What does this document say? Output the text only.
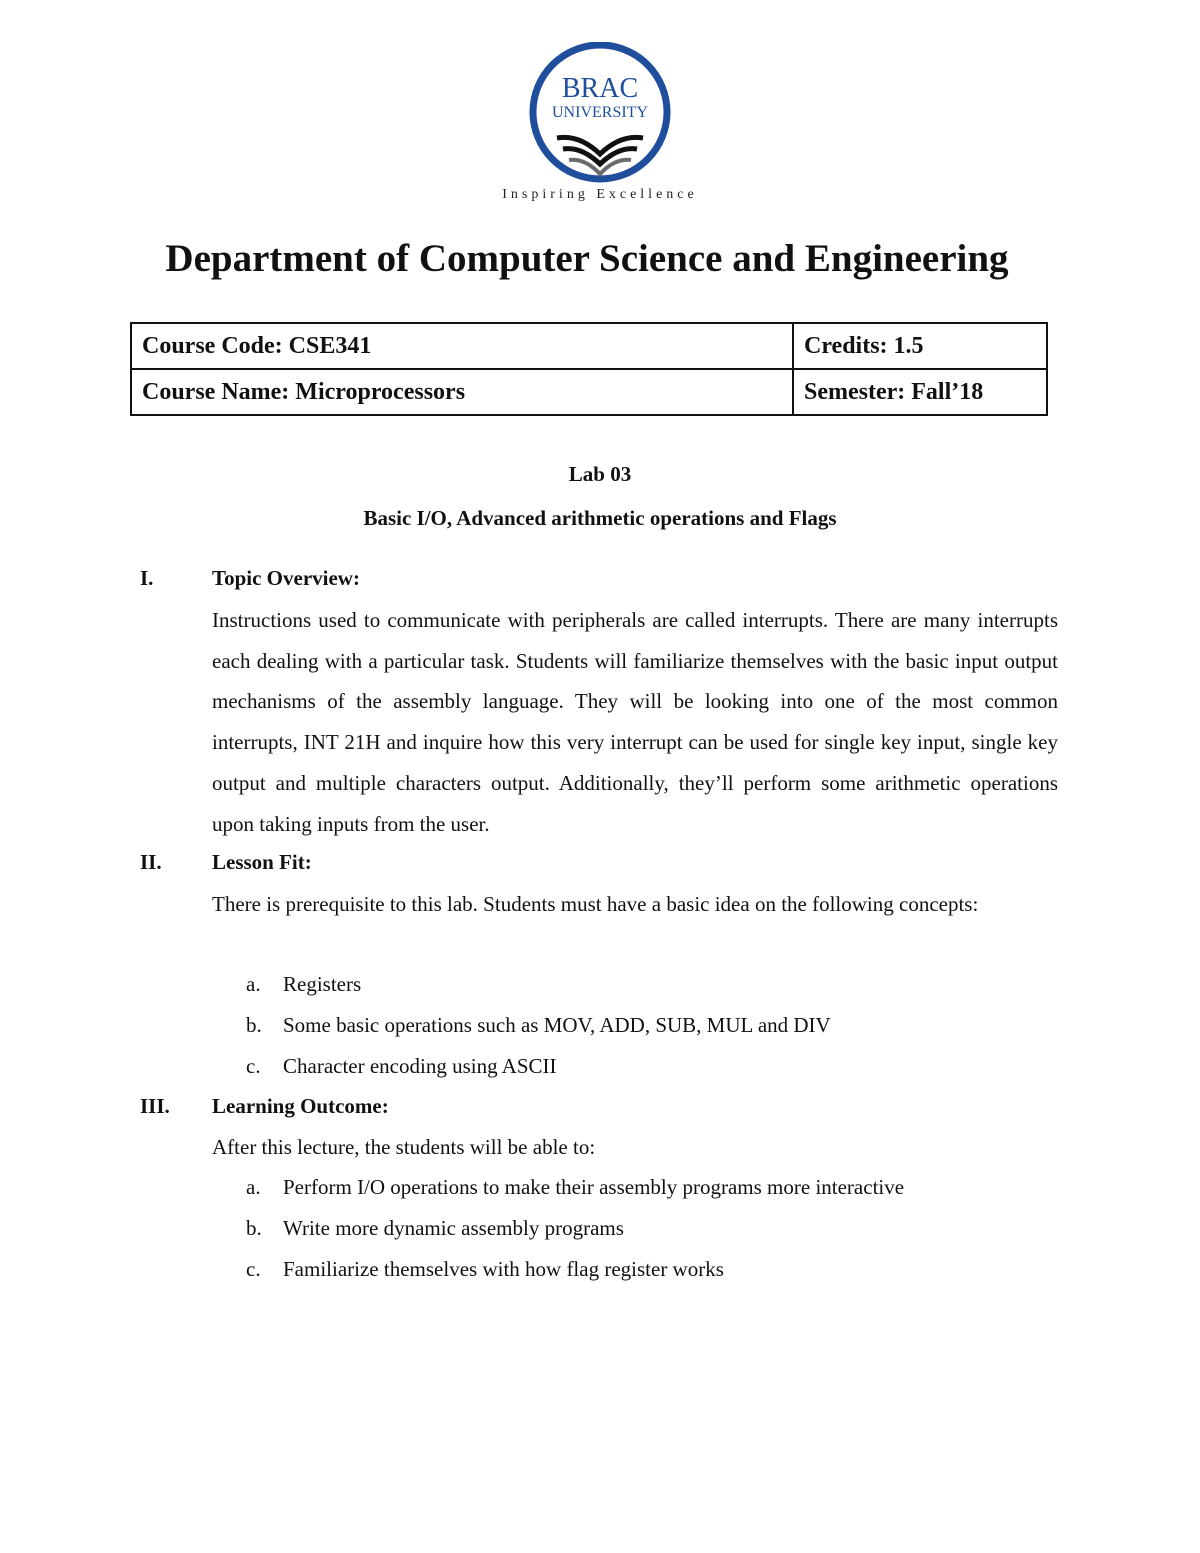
BRAC
UNIVERSITY
Inspiring Excellence
Department of Computer Science and Engineering
Course Code: CSE341	Credits: 1.5
Course Name: Microprocessors	Semester: Fall’18
Lab 03
Basic I/O, Advanced arithmetic operations and Flags
I.	Topic Overview:

Instructions used to communicate with peripherals are called interrupts. There are many interrupts each dealing with a particular task. Students will familiarize themselves with the basic input output mechanisms of the assembly language. They will be looking into one of the most common interrupts, INT 21H and inquire how this very interrupt can be used for single key input, single key output and multiple characters output. Additionally, they’ll perform some arithmetic operations upon taking inputs from the user.

II.	Lesson Fit:

There is prerequisite to this lab. Students must have a basic idea on the following concepts:

a.	Registers
b.	Some basic operations such as MOV, ADD, SUB, MUL and DIV
c.	Character encoding using ASCII
III.	Learning Outcome:
After this lecture, the students will be able to:
a.	Perform I/O operations to make their assembly programs more interactive
b.	Write more dynamic assembly programs
c.	Familiarize themselves with how flag register works
